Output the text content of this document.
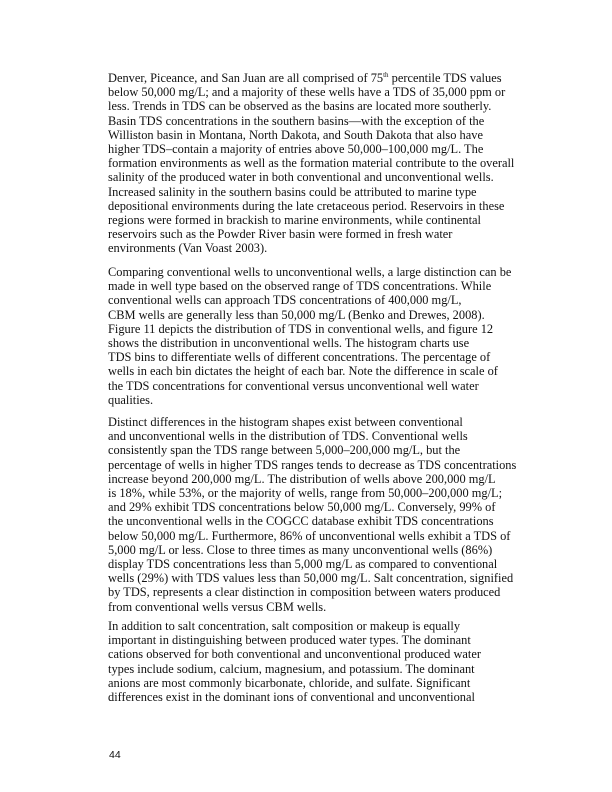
Denver, Piceance, and San Juan are all comprised of 75th percentile TDS values
below 50,000 mg/L; and a majority of these wells have a TDS of 35,000 ppm or
less. Trends in TDS can be observed as the basins are located more southerly.
Basin TDS concentrations in the southern basins—with the exception of the
Williston basin in Montana, North Dakota, and South Dakota that also have
higher TDS–contain a majority of entries above 50,000–100,000 mg/L. The
formation environments as well as the formation material contribute to the overall
salinity of the produced water in both conventional and unconventional wells.
Increased salinity in the southern basins could be attributed to marine type
depositional environments during the late cretaceous period. Reservoirs in these
regions were formed in brackish to marine environments, while continental
reservoirs such as the Powder River basin were formed in fresh water
environments (Van Voast 2003).
Comparing conventional wells to unconventional wells, a large distinction can be
made in well type based on the observed range of TDS concentrations. While
conventional wells can approach TDS concentrations of 400,000 mg/L,
CBM wells are generally less than 50,000 mg/L (Benko and Drewes, 2008).
Figure 11 depicts the distribution of TDS in conventional wells, and figure 12
shows the distribution in unconventional wells. The histogram charts use
TDS bins to differentiate wells of different concentrations. The percentage of
wells in each bin dictates the height of each bar. Note the difference in scale of
the TDS concentrations for conventional versus unconventional well water
qualities.
Distinct differences in the histogram shapes exist between conventional
and unconventional wells in the distribution of TDS. Conventional wells
consistently span the TDS range between 5,000–200,000 mg/L, but the
percentage of wells in higher TDS ranges tends to decrease as TDS concentrations
increase beyond 200,000 mg/L. The distribution of wells above 200,000 mg/L
is 18%, while 53%, or the majority of wells, range from 50,000–200,000 mg/L;
and 29% exhibit TDS concentrations below 50,000 mg/L. Conversely, 99% of
the unconventional wells in the COGCC database exhibit TDS concentrations
below 50,000 mg/L. Furthermore, 86% of unconventional wells exhibit a TDS of
5,000 mg/L or less. Close to three times as many unconventional wells (86%)
display TDS concentrations less than 5,000 mg/L as compared to conventional
wells (29%) with TDS values less than 50,000 mg/L. Salt concentration, signified
by TDS, represents a clear distinction in composition between waters produced
from conventional wells versus CBM wells.
In addition to salt concentration, salt composition or makeup is equally
important in distinguishing between produced water types. The dominant
cations observed for both conventional and unconventional produced water
types include sodium, calcium, magnesium, and potassium. The dominant
anions are most commonly bicarbonate, chloride, and sulfate. Significant
differences exist in the dominant ions of conventional and unconventional
44
